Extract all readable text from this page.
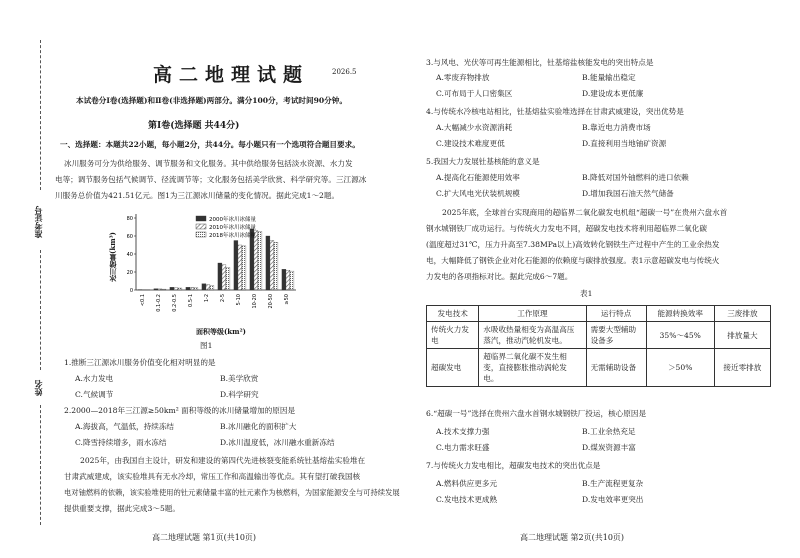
高二地理试题	2026.5
本试卷分Ⅰ卷(选择题)和Ⅱ卷(非选择题)两部分。满分100分，考试时间90分钟。
第Ⅰ卷(选择题 共44分)
一、选择题：本题共22小题，每小题2分，共44分。每小题只有一个选项符合题目要求。
冰川服务可分为供给服务、调节服务和文化服务。其中供给服务包括淡水资源、水力发
电等；调节服务包括气候调节、径流调节等；文化服务包括美学欣赏、科学研究等。三江源冰
川服务总价值为421.51亿元。图1为三江源冰川储量的变化情况。据此完成1～2题。
准考证号
姓名
0
20
40
60
80
<0.1 0.1-0.2 0.2-0.5 0.5-1 1-2 2-5 5-10 10-20 20-50 ≥50
2000年冰川冰储量
2010年冰川冰储量
2018年冰川冰储量
面积等级(km²)
冰川储量(km³)
图1
1.推断三江源冰川服务价值变化相对明显的是
A.水力发电	B.美学欣赏
C.气候调节	D.科学研究
2.2000—2018年三江源≥50km² 面积等级的冰川储量增加的原因是
A.海拔高，气温低，持续冻结	B.冰川融化的面积扩大
C.降雪持续增多，雨水冻结	D.冰川温度低，冰川融水重新冻结
2025年，由我国自主设计，研发和建设的第四代先进核裂变能系统钍基熔盐实验堆在
甘肃武威建成，该实验堆具有无水冷却，常压工作和高温输出等优点。其有望打破我国核
电对铀燃料的依赖，该实验堆使用的钍元素储量丰富的钍元素作为核燃料，为国家能源安全与可持续发展
提供重要支撑，据此完成3～5题。
高二地理试题 第1页(共10页)
3.与风电、光伏等可再生能源相比，钍基熔盐核能发电的突出特点是
A.零废弃物排放	B.能量输出稳定
C.可布局于人口密集区	D.建设成本更低廉
4.与传统水冷核电站相比，钍基熔盐实验堆选择在甘肃武威建设，突出优势是
A.大幅减少水资源消耗	B.靠近电力消费市场
C.建设技术难度更低	D.直接利用当地铀矿资源
5.我国大力发展钍基核能的意义是
A.提高化石能源使用效率	B.降低对国外铀燃料的进口依赖
C.扩大风电光伏装机规模	D.增加我国石油天然气储备
2025年底，全球首台实现商用的超临界二氧化碳发电机组“超碳一号”在贵州六盘水首
钢水城钢铁厂成功运行。与传统火力发电不同，超碳发电技术将利用超临界二氧化碳
(温度超过31℃，压力升高至7.38MPa以上)高效转化钢铁生产过程中产生的工业余热发
电，大幅降低了钢铁企业对化石能源的依赖度与碳排放强度。表1示意超碳发电与传统火
力发电的各项指标对比。据此完成6～7题。
表1
发电技术	工作原理	运行特点	能源转换效率	三废排放
传统火力发电	水吸收热量相变为高温高压蒸汽，推动汽轮机发电。	需要大型辅助设备多	35%～45%	排放量大
超碳发电	超临界二氧化碳不发生相变，直接膨胀推动涡轮发电。	无需辅助设备	＞50%	接近零排放
6.“超碳一号”选择在贵州六盘水首钢水城钢铁厂投运，核心原因是
A.技术支撑力强	B.工业余热充足
C.电力需求旺盛	D.煤炭资源丰富
7.与传统火力发电相比，超碳发电技术的突出优点是
A.燃料供应更多元	B.生产流程更复杂
C.发电技术更成熟	D.发电效率更突出
高二地理试题 第2页(共10页)
